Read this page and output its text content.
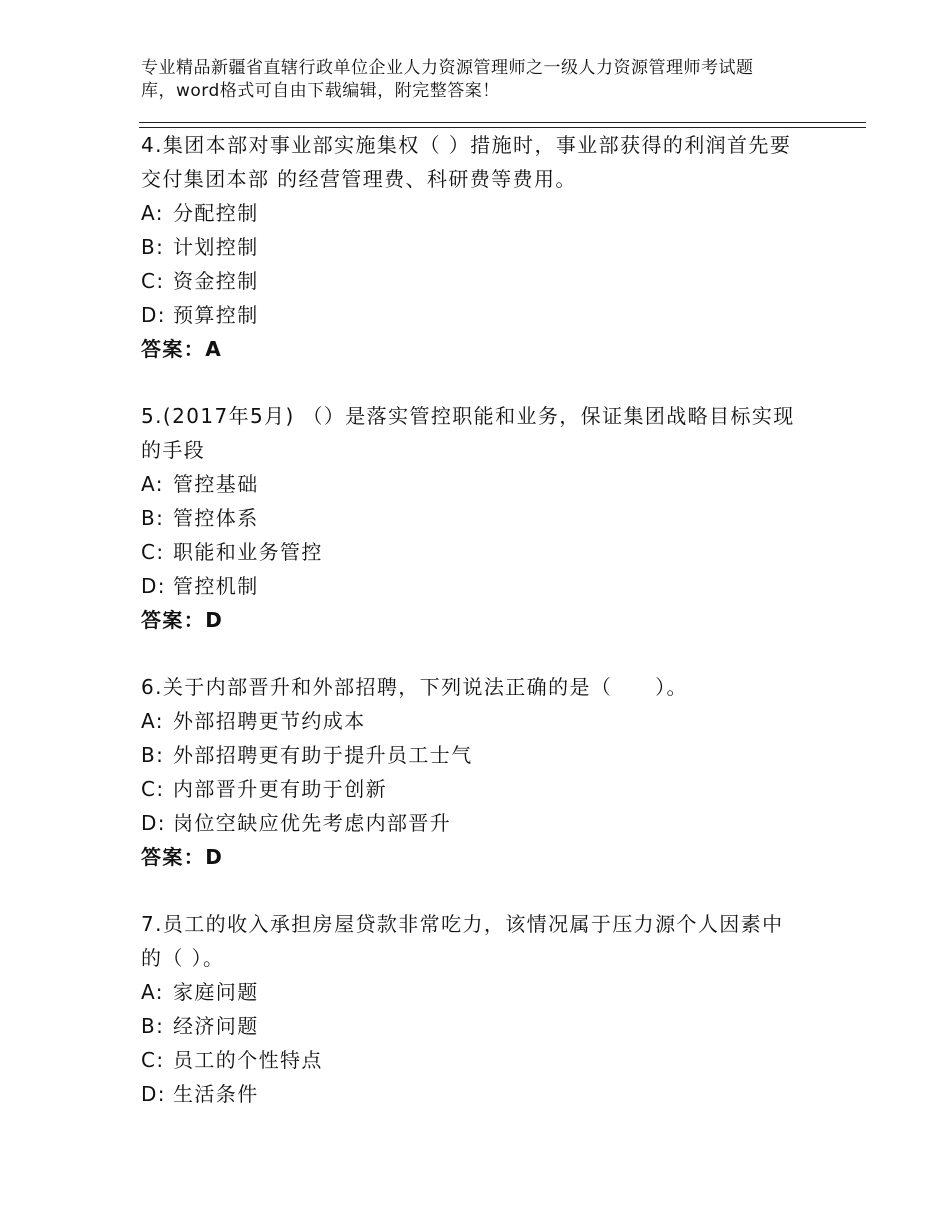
专业精品新疆省直辖行政单位企业人力资源管理师之一级人力资源管理师考试题
库，word格式可自由下载编辑，附完整答案！
4.集团本部对事业部实施集权（ ）措施时，事业部获得的利润首先要
交付集团本部 的经营管理费、科研费等费用。
A: 分配控制
B: 计划控制
C: 资金控制
D: 预算控制
答案：A
5.(2017年5月) （）是落实管控职能和业务，保证集团战略目标实现
的手段
A: 管控基础
B: 管控体系
C: 职能和业务管控
D: 管控机制
答案：D
6.关于内部晋升和外部招聘，下列说法正确的是（　　）。
A: 外部招聘更节约成本
B: 外部招聘更有助于提升员工士气
C: 内部晋升更有助于创新
D: 岗位空缺应优先考虑内部晋升
答案：D
7.员工的收入承担房屋贷款非常吃力，该情况属于压力源个人因素中
的（ ）。
A: 家庭问题
B: 经济问题
C: 员工的个性特点
D: 生活条件
